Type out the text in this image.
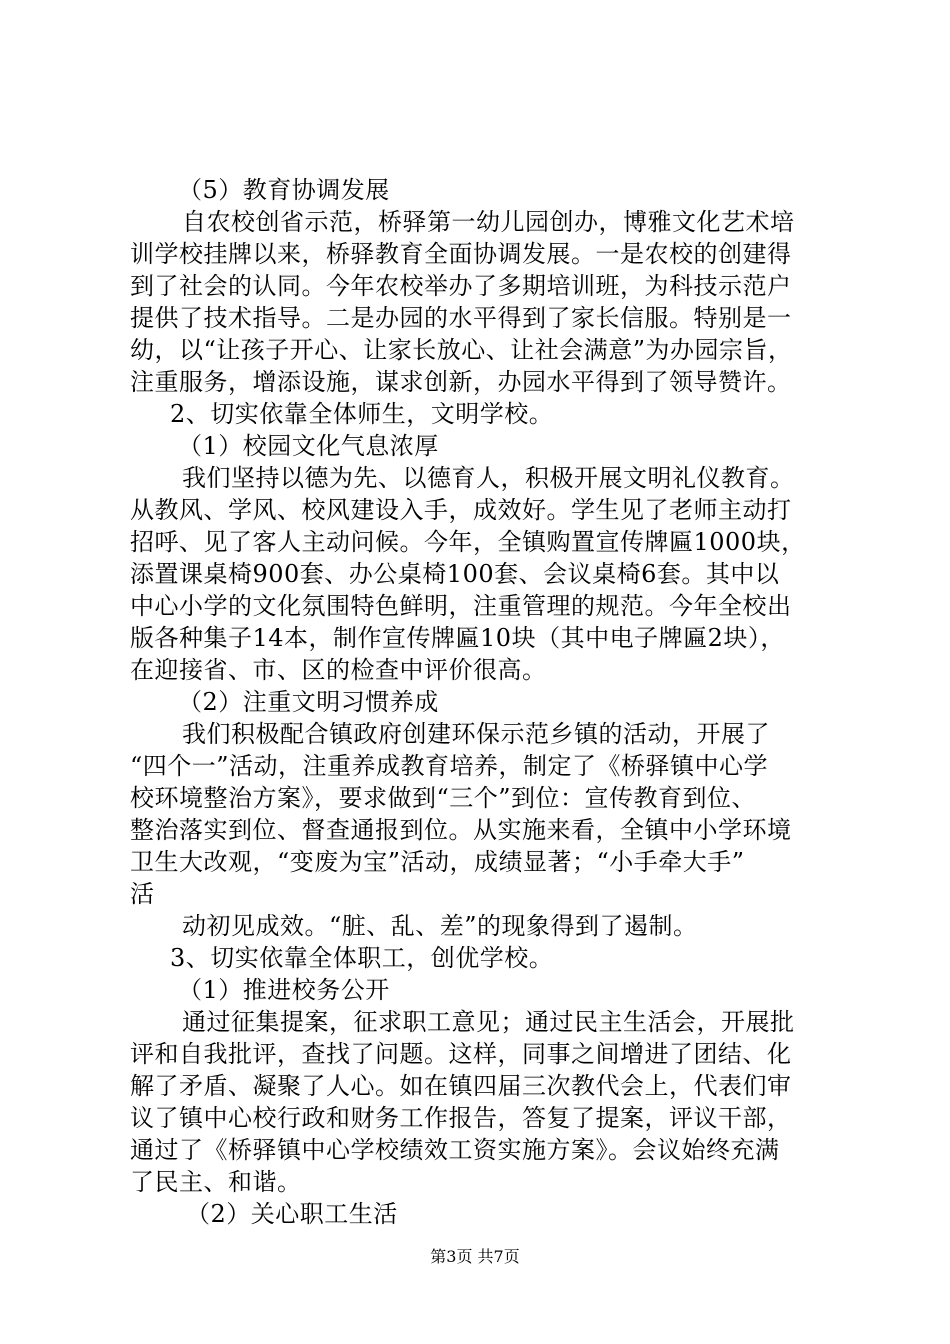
（5）教育协调发展
自农校创省示范，桥驿第一幼儿园创办，博雅文化艺术培
训学校挂牌以来，桥驿教育全面协调发展。一是农校的创建得
到了社会的认同。今年农校举办了多期培训班，为科技示范户
提供了技术指导。二是办园的水平得到了家长信服。特别是一
幼，以“让孩子开心、让家长放心、让社会满意”为办园宗旨，
注重服务，增添设施，谋求创新，办园水平得到了领导赞许。
2、切实依靠全体师生，文明学校。
（1）校园文化气息浓厚
我们坚持以德为先、以德育人，积极开展文明礼仪教育。
从教风、学风、校风建设入手，成效好。学生见了老师主动打
招呼、见了客人主动问候。今年，全镇购置宣传牌匾1000块，
添置课桌椅900套、办公桌椅100套、会议桌椅6套。其中以
中心小学的文化氛围特色鲜明，注重管理的规范。今年全校出
版各种集子14本，制作宣传牌匾10块（其中电子牌匾2块），
在迎接省、市、区的检查中评价很高。
（2）注重文明习惯养成
我们积极配合镇政府创建环保示范乡镇的活动，开展了
“四个一”活动，注重养成教育培养，制定了《桥驿镇中心学
校环境整治方案》，要求做到“三个”到位：宣传教育到位、
整治落实到位、督查通报到位。从实施来看，全镇中小学环境
卫生大改观，“变废为宝”活动，成绩显著；“小手牵大手”
活
动初见成效。“脏、乱、差”的现象得到了遏制。
3、切实依靠全体职工，创优学校。
（1）推进校务公开
通过征集提案，征求职工意见；通过民主生活会，开展批
评和自我批评，查找了问题。这样，同事之间增进了团结、化
解了矛盾、凝聚了人心。如在镇四届三次教代会上，代表们审
议了镇中心校行政和财务工作报告，答复了提案，评议干部，
通过了《桥驿镇中心学校绩效工资实施方案》。会议始终充满
了民主、和谐。
（2）关心职工生活
第3页 共7页
